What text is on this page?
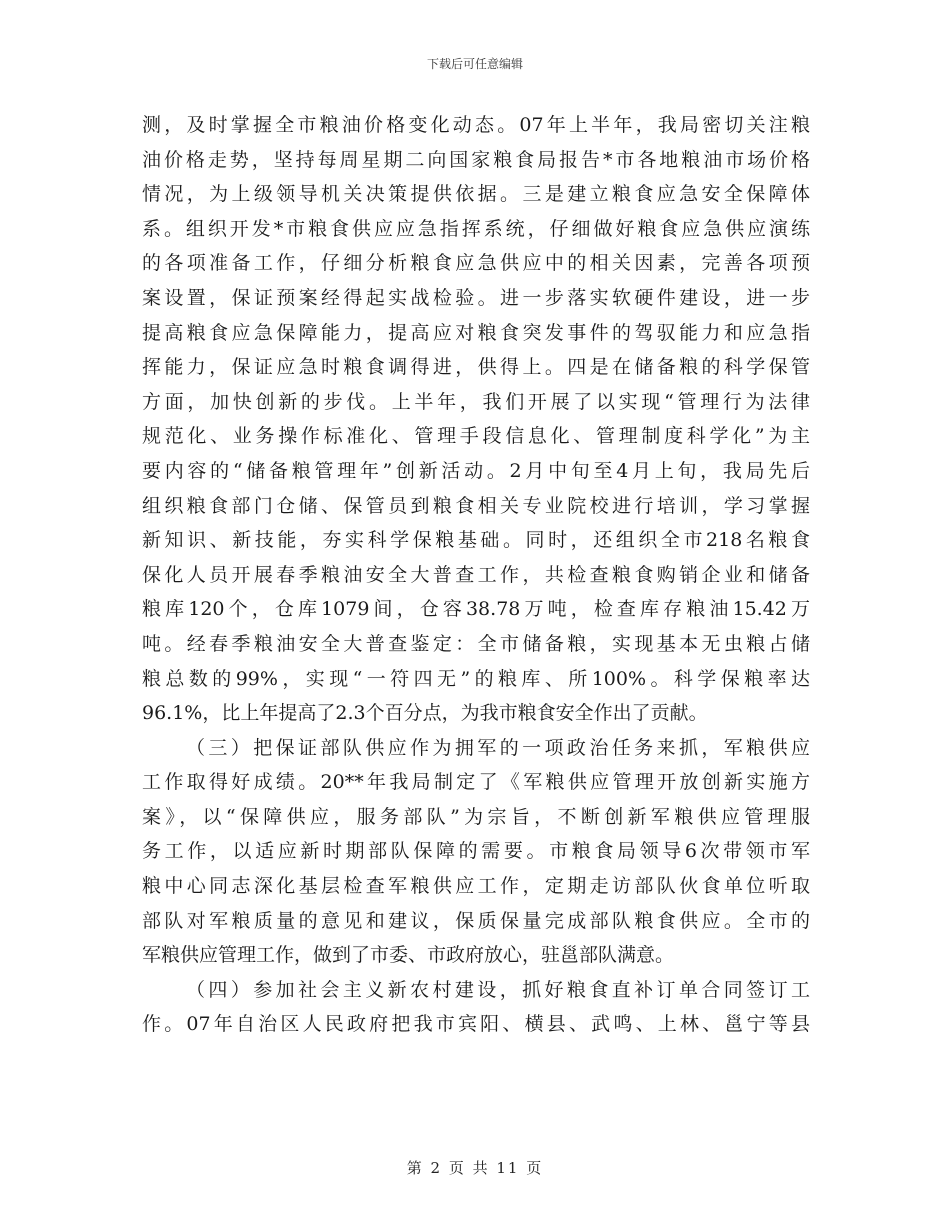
下载后可任意编辑
测，及时掌握全市粮油价格变化动态。07年上半年，我局密切关注粮
油价格走势，坚持每周星期二向国家粮食局报告*市各地粮油市场价格
情况，为上级领导机关决策提供依据。三是建立粮食应急安全保障体
系。组织开发*市粮食供应应急指挥系统，仔细做好粮食应急供应演练
的各项准备工作，仔细分析粮食应急供应中的相关因素，完善各项预
案设置，保证预案经得起实战检验。进一步落实软硬件建设，进一步
提高粮食应急保障能力，提高应对粮食突发事件的驾驭能力和应急指
挥能力，保证应急时粮食调得进，供得上。四是在储备粮的科学保管
方面，加快创新的步伐。上半年，我们开展了以实现“管理行为法律
规范化、业务操作标准化、管理手段信息化、管理制度科学化”为主
要内容的“储备粮管理年”创新活动。2月中旬至4月上旬，我局先后
组织粮食部门仓储、保管员到粮食相关专业院校进行培训，学习掌握
新知识、新技能，夯实科学保粮基础。同时，还组织全市218名粮食
保化人员开展春季粮油安全大普查工作，共检查粮食购销企业和储备
粮库120个，仓库1079间，仓容38.78万吨，检查库存粮油15.42万
吨。经春季粮油安全大普查鉴定：全市储备粮，实现基本无虫粮占储
粮总数的99%，实现“一符四无”的粮库、所100%。科学保粮率达
96.1%，比上年提高了2.3个百分点，为我市粮食安全作出了贡献。
（三）把保证部队供应作为拥军的一项政治任务来抓，军粮供应
工作取得好成绩。20**年我局制定了《军粮供应管理开放创新实施方
案》，以“保障供应，服务部队”为宗旨，不断创新军粮供应管理服
务工作，以适应新时期部队保障的需要。市粮食局领导6次带领市军
粮中心同志深化基层检查军粮供应工作，定期走访部队伙食单位听取
部队对军粮质量的意见和建议，保质保量完成部队粮食供应。全市的
军粮供应管理工作，做到了市委、市政府放心，驻邕部队满意。
（四）参加社会主义新农村建设，抓好粮食直补订单合同签订工
作。07年自治区人民政府把我市宾阳、横县、武鸣、上林、邕宁等县
第 2 页 共 11 页
